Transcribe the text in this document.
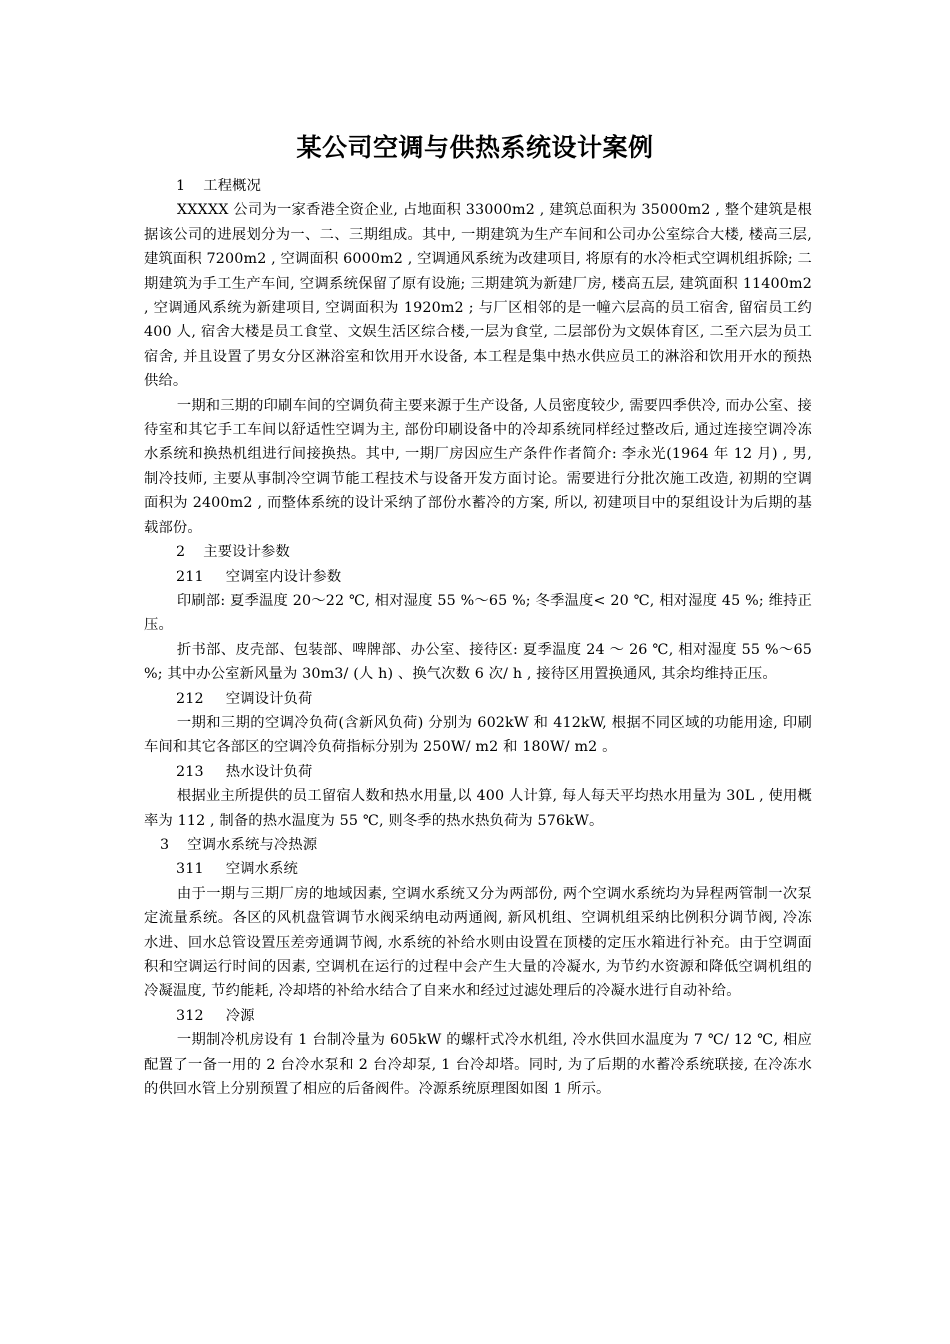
某公司空调与供热系统设计案例

1 工程概况

XXXXX 公司为一家香港全资企业, 占地面积 33000m2 , 建筑总面积为 35000m2 , 整个建筑是根据该公司的进展划分为一、二、三期组成。其中, 一期建筑为生产车间和公司办公室综合大楼, 楼高三层, 建筑面积 7200m2 , 空调面积 6000m2 , 空调通风系统为改建项目, 将原有的水冷柜式空调机组拆除; 二期建筑为手工生产车间, 空调系统保留了原有设施; 三期建筑为新建厂房, 楼高五层, 建筑面积 11400m2 , 空调通风系统为新建项目, 空调面积为 1920m2 ; 与厂区相邻的是一幢六层高的员工宿舍, 留宿员工约 400 人, 宿舍大楼是员工食堂、文娱生活区综合楼,一层为食堂, 二层部份为文娱体育区, 二至六层为员工宿舍, 并且设置了男女分区淋浴室和饮用开水设备, 本工程是集中热水供应员工的淋浴和饮用开水的预热供给。

一期和三期的印刷车间的空调负荷主要来源于生产设备, 人员密度较少, 需要四季供冷, 而办公室、接待室和其它手工车间以舒适性空调为主, 部份印刷设备中的冷却系统同样经过整改后, 通过连接空调冷冻水系统和换热机组进行间接换热。其中, 一期厂房因应生产条件作者简介: 李永光(1964 年 12 月) , 男, 制冷技师, 主要从事制冷空调节能工程技术与设备开发方面讨论。需要进行分批次施工改造, 初期的空调面积为 2400m2 , 而整体系统的设计采纳了部份水蓄冷的方案, 所以, 初建项目中的泵组设计为后期的基载部份。

2 主要设计参数

211 空调室内设计参数

印刷部: 夏季温度 20～22 ℃, 相对湿度 55 %～65 %; 冬季温度< 20 ℃, 相对湿度 45 %; 维持正压。

折书部、皮壳部、包装部、啤牌部、办公室、接待区: 夏季温度 24 ～ 26 ℃, 相对湿度 55 %～65 %; 其中办公室新风量为 30m3/ (人 h) 、换气次数 6 次/ h , 接待区用置换通风, 其余均维持正压。

212 空调设计负荷

一期和三期的空调冷负荷(含新风负荷) 分别为 602kW 和 412kW, 根据不同区域的功能用途, 印刷车间和其它各部区的空调冷负荷指标分别为 250W/ m2 和 180W/ m2 。

213 热水设计负荷

根据业主所提供的员工留宿人数和热水用量,以 400 人计算, 每人每天平均热水用量为 30L , 使用概率为 112 , 制备的热水温度为 55 ℃, 则冬季的热水热负荷为 576kW。

3 空调水系统与冷热源

311 空调水系统

由于一期与三期厂房的地域因素, 空调水系统又分为两部份, 两个空调水系统均为异程两管制一次泵定流量系统。各区的风机盘管调节水阀采纳电动两通阀, 新风机组、空调机组采纳比例积分调节阀, 冷冻水进、回水总管设置压差旁通调节阀, 水系统的补给水则由设置在顶楼的定压水箱进行补充。由于空调面积和空调运行时间的因素, 空调机在运行的过程中会产生大量的冷凝水, 为节约水资源和降低空调机组的冷凝温度, 节约能耗, 冷却塔的补给水结合了自来水和经过过滤处理后的冷凝水进行自动补给。

312 冷源

一期制冷机房设有 1 台制冷量为 605kW 的螺杆式冷水机组, 冷水供回水温度为 7 ℃/ 12 ℃, 相应配置了一备一用的 2 台冷水泵和 2 台冷却泵, 1 台冷却塔。同时, 为了后期的水蓄冷系统联接, 在冷冻水的供回水管上分别预置了相应的后备阀件。冷源系统原理图如图 1 所示。
